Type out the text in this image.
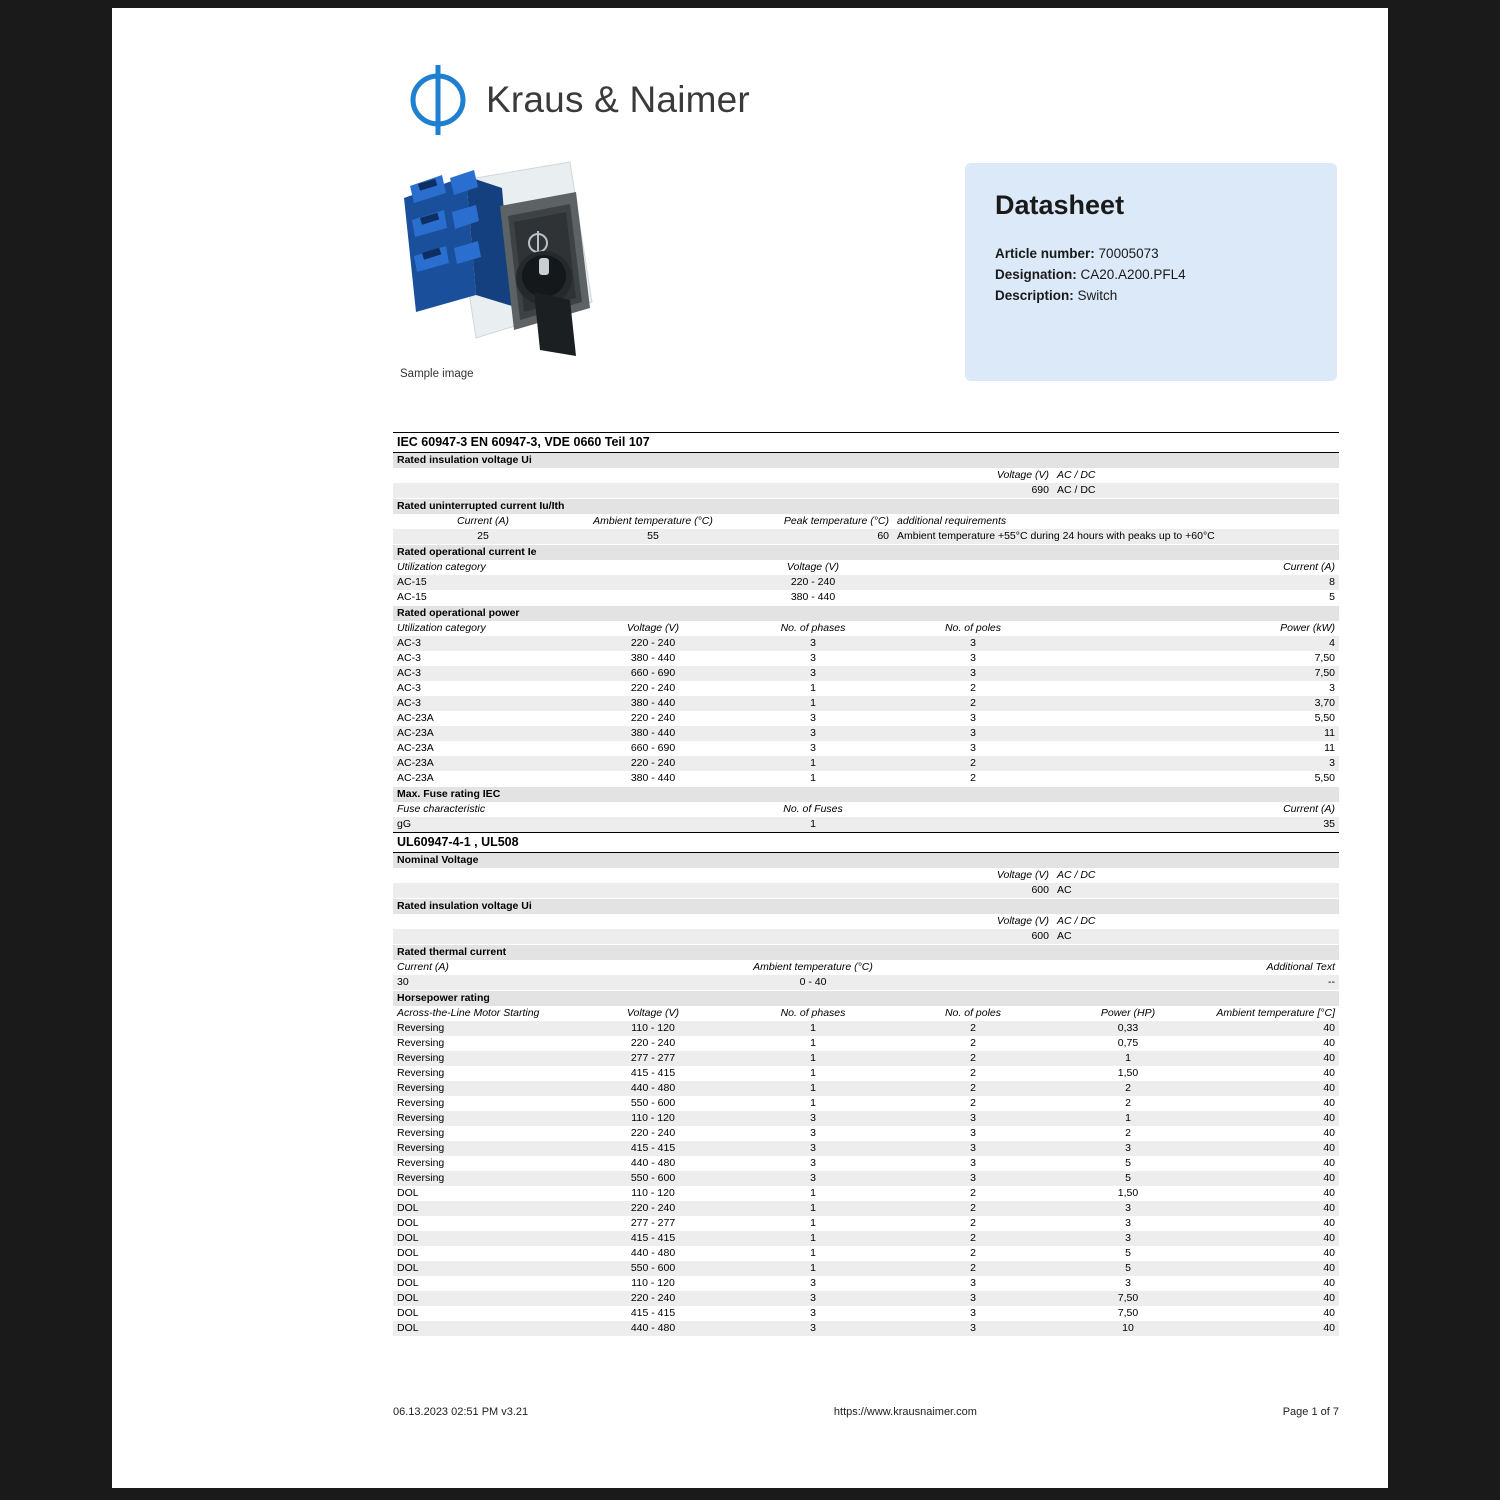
Kraus & Naimer
Sample image
Datasheet
Article number: 70005073
Designation: CA20.A200.PFL4
Description: Switch
IEC 60947-3 EN 60947-3, VDE 0660 Teil 107					
Rated insulation voltage Ui					
		Voltage (V)		AC / DC	
		690		AC / DC	
Rated uninterrupted current Iu/Ith					
Current (A)	Ambient temperature (°C)	Peak temperature (°C)	additional requirements		
25	55	60	Ambient temperature +55°C during 24 hours with peaks up to +60°C		
Rated operational current Ie					
Utilization category	Voltage (V)			Current (A)	
AC-15	220 - 240			8	
AC-15	380 - 440			5	
Rated operational power					
Utilization category	Voltage (V)	No. of phases	No. of poles	Power (kW)	
AC-3	220 - 240	3	3	4	
AC-3	380 - 440	3	3	7,50	
AC-3	660 - 690	3	3	7,50	
AC-3	220 - 240	1	2	3	
AC-3	380 - 440	1	2	3,70	
AC-23A	220 - 240	3	3	5,50	
AC-23A	380 - 440	3	3	11	
AC-23A	660 - 690	3	3	11	
AC-23A	220 - 240	1	2	3	
AC-23A	380 - 440	1	2	5,50	
Max. Fuse rating IEC					
Fuse characteristic	No. of Fuses			Current (A)	
gG	1			35	
UL60947-4-1 , UL508					
Nominal Voltage					
		Voltage (V)		AC / DC	
		600		AC	
Rated insulation voltage Ui					
		Voltage (V)		AC / DC	
		600		AC	
Rated thermal current					
Current (A)	Ambient temperature (°C)			Additional Text	
30	0 - 40			--	
Horsepower rating					
Across-the-Line Motor Starting	Voltage (V)	No. of phases	No. of poles	Power (HP)	Ambient temperature [°C]
Reversing	110 - 120	1	2	0,33	40
Reversing	220 - 240	1	2	0,75	40
Reversing	277 - 277	1	2	1	40
Reversing	415 - 415	1	2	1,50	40
Reversing	440 - 480	1	2	2	40
Reversing	550 - 600	1	2	2	40
Reversing	110 - 120	3	3	1	40
Reversing	220 - 240	3	3	2	40
Reversing	415 - 415	3	3	3	40
Reversing	440 - 480	3	3	5	40
Reversing	550 - 600	3	3	5	40
DOL	110 - 120	1	2	1,50	40
DOL	220 - 240	1	2	3	40
DOL	277 - 277	1	2	3	40
DOL	415 - 415	1	2	3	40
DOL	440 - 480	1	2	5	40
DOL	550 - 600	1	2	5	40
DOL	110 - 120	3	3	3	40
DOL	220 - 240	3	3	7,50	40
DOL	415 - 415	3	3	7,50	40
DOL	440 - 480	3	3	10	40
06.13.2023 02:51 PM v3.21	https://www.krausnaimer.com	Page 1 of 7
